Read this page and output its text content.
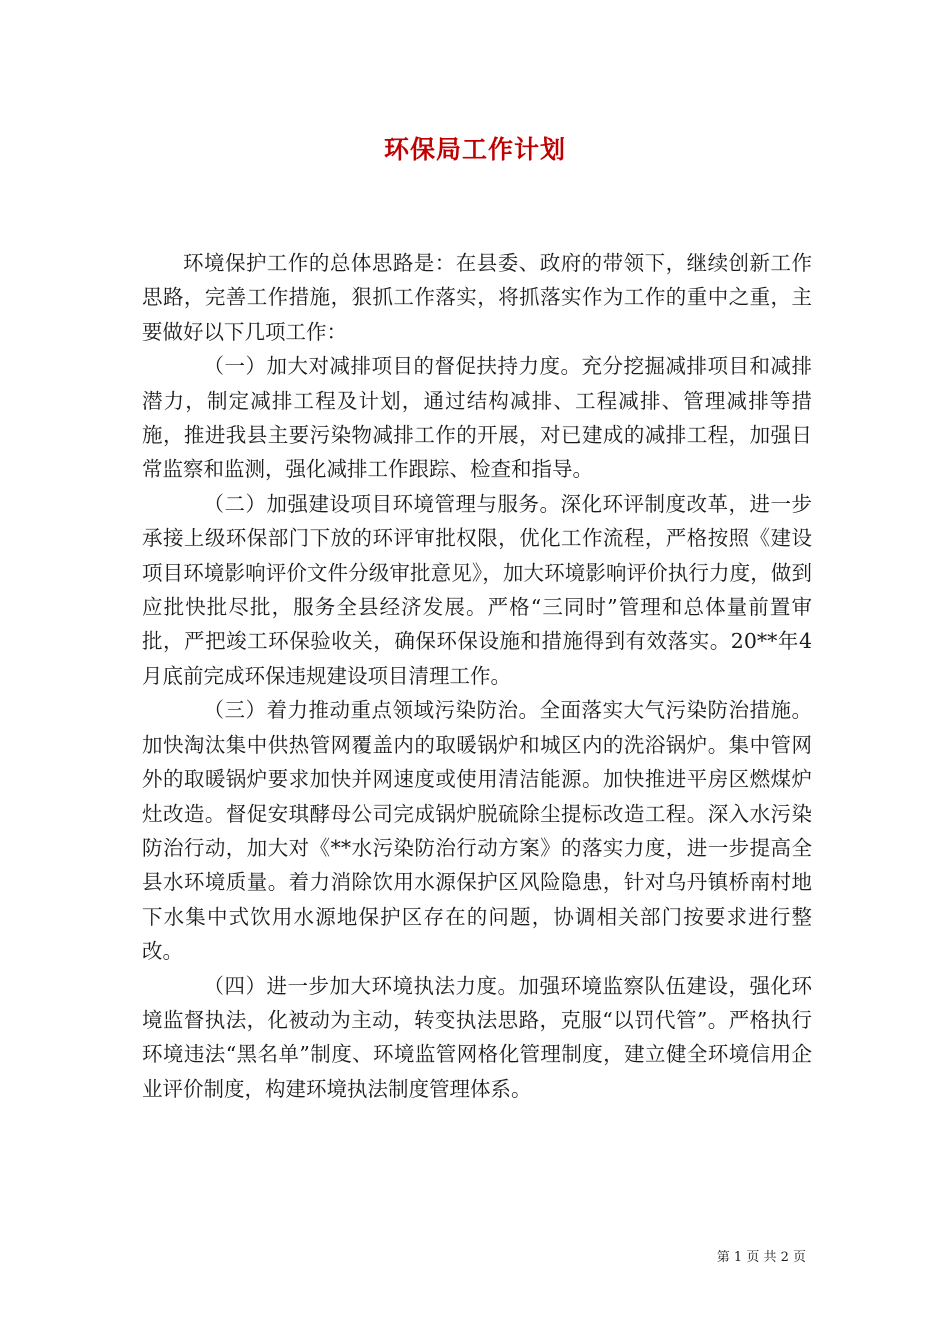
环保局工作计划

环境保护工作的总体思路是：在县委、政府的带领下，继续创新工作思路，完善工作措施，狠抓工作落实，将抓落实作为工作的重中之重，主要做好以下几项工作：

（一）加大对减排项目的督促扶持力度。充分挖掘减排项目和减排潜力，制定减排工程及计划，通过结构减排、工程减排、管理减排等措施，推进我县主要污染物减排工作的开展，对已建成的减排工程，加强日常监察和监测，强化减排工作跟踪、检查和指导。

（二）加强建设项目环境管理与服务。深化环评制度改革，进一步承接上级环保部门下放的环评审批权限，优化工作流程，严格按照《建设项目环境影响评价文件分级审批意见》，加大环境影响评价执行力度，做到应批快批尽批，服务全县经济发展。严格“三同时”管理和总体量前置审批，严把竣工环保验收关，确保环保设施和措施得到有效落实。20**年4月底前完成环保违规建设项目清理工作。

（三）着力推动重点领域污染防治。全面落实大气污染防治措施。加快淘汰集中供热管网覆盖内的取暖锅炉和城区内的洗浴锅炉。集中管网外的取暖锅炉要求加快并网速度或使用清洁能源。加快推进平房区燃煤炉灶改造。督促安琪酵母公司完成锅炉脱硫除尘提标改造工程。深入水污染防治行动，加大对《**水污染防治行动方案》的落实力度，进一步提高全县水环境质量。着力消除饮用水源保护区风险隐患，针对乌丹镇桥南村地下水集中式饮用水源地保护区存在的问题，协调相关部门按要求进行整改。

（四）进一步加大环境执法力度。加强环境监察队伍建设，强化环境监督执法，化被动为主动，转变执法思路，克服“以罚代管”。严格执行环境违法“黑名单”制度、环境监管网格化管理制度，建立健全环境信用企业评价制度，构建环境执法制度管理体系。

第 1 页 共 2 页
